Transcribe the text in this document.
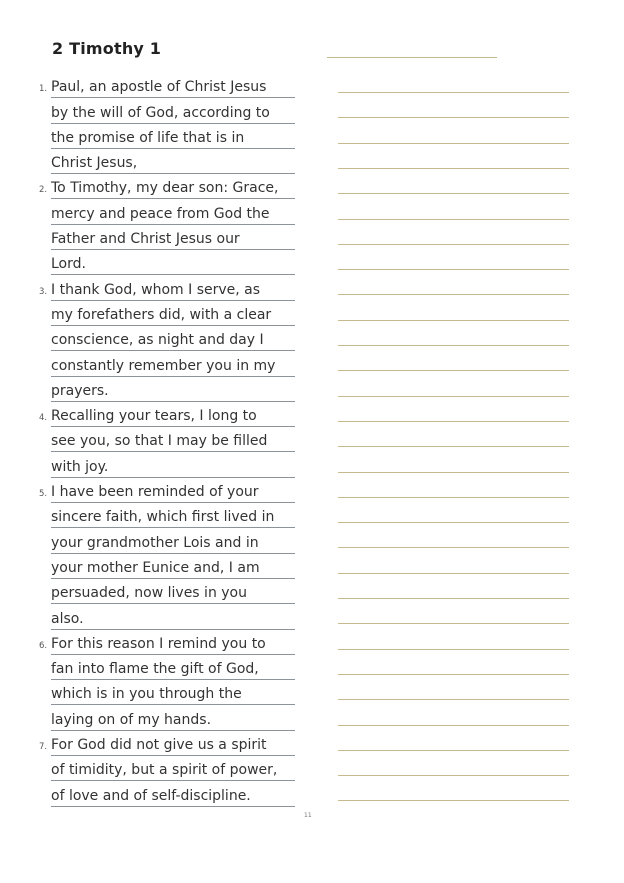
2 Timothy 1
Paul, an apostle of Christ Jesus
1.
by the will of God, according to
the promise of life that is in
Christ Jesus,
To Timothy, my dear son: Grace,
2.
mercy and peace from God the
Father and Christ Jesus our
Lord.
I thank God, whom I serve, as
3.
my forefathers did, with a clear
conscience, as night and day I
constantly remember you in my
prayers.
Recalling your tears, I long to
4.
see you, so that I may be filled
with joy.
I have been reminded of your
5.
sincere faith, which first lived in
your grandmother Lois and in
your mother Eunice and, I am
persuaded, now lives in you
also.
For this reason I remind you to
6.
fan into flame the gift of God,
which is in you through the
laying on of my hands.
For God did not give us a spirit
7.
of timidity, but a spirit of power,
of love and of self-discipline.
11
